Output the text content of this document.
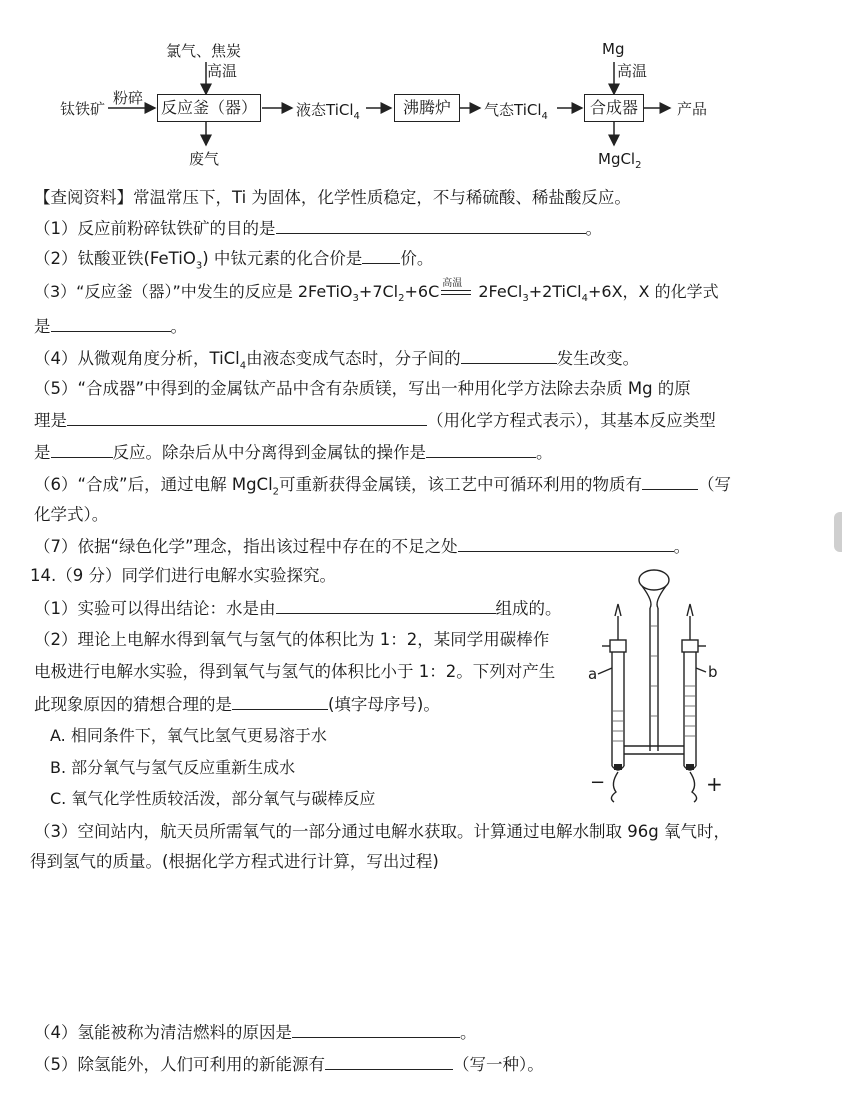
氯气、焦炭
高温
钛铁矿
粉碎 反应釜（器）	液态TiCl$_4$	沸腾炉	气态TiCl$_4$	合成器	产品
废气
Mg
高温
MgCl$_2$
【查阅资料】常温常压下，Ti 为固体，化学性质稳定，不与稀硫酸、稀盐酸反应。
（1）反应前粉碎钛铁矿的目的是	。
（2）钛酸亚铁(FeTiO$_3$) 中钛元素的化合价是 价。
（3）“反应釜（器）”中发生的反应是 $2FeTiO_3+7Cl_2+6C$ 高温 2FeCl$_3$+2TiCl$_4$+6X，X 的化学式
是	。
（4）从微观角度分析，TiCl$_4$由液态变成气态时，分子间的	发生改变。
（5）“合成器”中得到的金属钛产品中含有杂质镁，写出一种用化学方法除去杂质 Mg 的原
理是	（用化学方程式表示），其基本反应类型
是	反应。除杂后从中分离得到金属钛的操作是	。
（6）“合成”后，通过电解 MgCl$_2$可重新获得金属镁，该工艺中可循环利用的物质有	（写
化学式）。
（7）依据“绿色化学”理念，指出该过程中存在的不足之处	。
14.（9 分）同学们进行电解水实验探究。
（1）实验可以得出结论：水是由	组成的。
（2）理论上电解水得到氧气与氢气的体积比为 1：2，某同学用碳棒作
电极进行电解水实验，得到氧气与氢气的体积比小于 1：2。下列对产生
此现象原因的猜想合理的是	(填字母序号)。
A. 相同条件下，氧气比氢气更易溶于水
B. 部分氧气与氢气反应重新生成水
C. 氧气化学性质较活泼，部分氧气与碳棒反应
a	b
−	+
（3）空间站内，航天员所需氧气的一部分通过电解水获取。计算通过电解水制取 96g 氧气时，
得到氢气的质量。(根据化学方程式进行计算，写出过程)
（4）氢能被称为清洁燃料的原因是	。
（5）除氢能外，人们可利用的新能源有	（写一种）。
